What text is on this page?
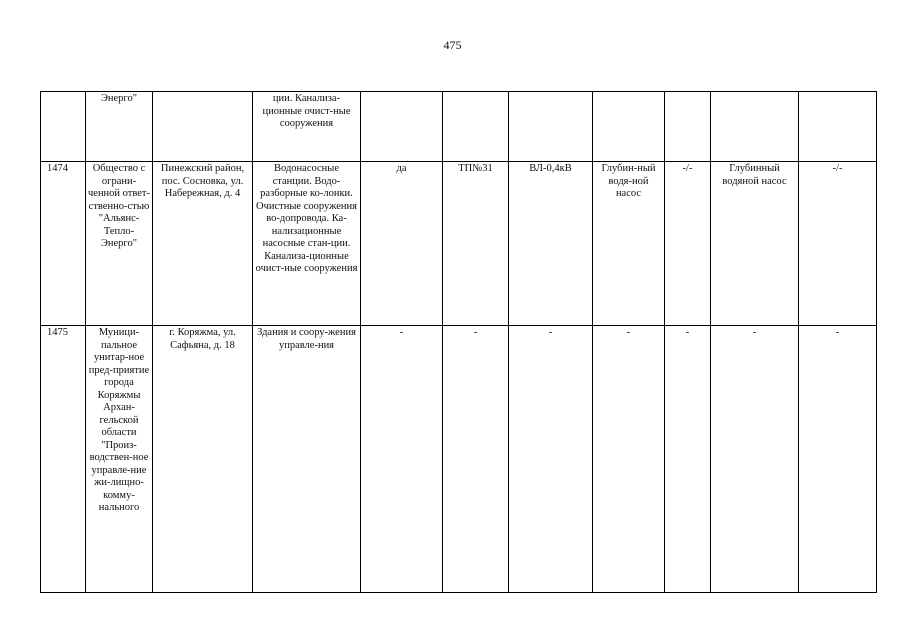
475

	Энерго"		ции. Канализа-ционные очист-ные сооружения							

1474	Общество с ограни-ченной ответ-ственно-стью "Альянс-Тепло-Энерго"	Пинежский район, пос. Сосновка, ул. Набережная, д. 4	Водонасосные станции. Водо-разборные ко-лонки. Очистные сооружения во-допровода. Ка-нализационные насосные стан-ции. Канализа-ционные очист-ные сооружения	да	ТП№31	ВЛ-0,4кВ	Глубин-ный водя-ной насос	-/-	Глубинный водяной насос	-/-
1475	Муници-пальное унитар-ное пред-приятие города Коряжмы Архан-гельской области "Произ-водствен-ное управле-ние жи-лищно-комму-нального	г. Коряжма, ул. Сафьяна, д. 18	Здания и соору-жения управле-ния	-	-	-	-	-	-	-
